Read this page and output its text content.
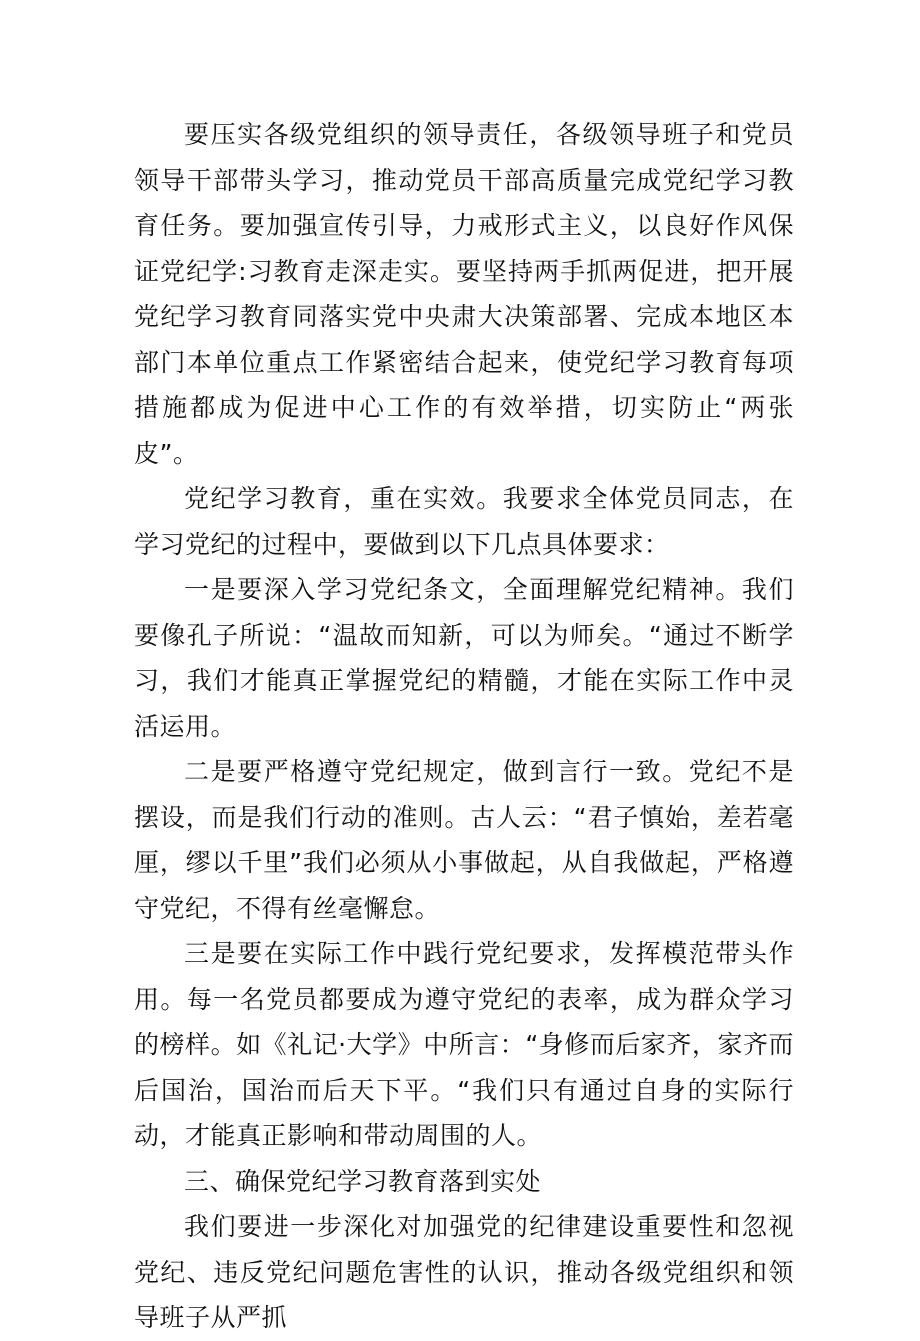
要压实各级党组织的领导责任，各级领导班子和党员领导干部带头学习，推动党员干部高质量完成党纪学习教育任务。要加强宣传引导，力戒形式主义，以良好作风保证党纪学:习教育走深走实。要坚持两手抓两促进，把开展党纪学习教育同落实党中央肃大决策部署、完成本地区本部门本单位重点工作紧密结合起来，使党纪学习教育每项措施都成为促进中心工作的有效举措，切实防止“两张皮”。

党纪学习教育，重在实效。我要求全体党员同志，在学习党纪的过程中，要做到以下几点具体要求：

一是要深入学习党纪条文，全面理解党纪精神。我们要像孔子所说：“温故而知新，可以为师矣。“通过不断学习，我们才能真正掌握党纪的精髓，才能在实际工作中灵活运用。

二是要严格遵守党纪规定，做到言行一致。党纪不是摆设，而是我们行动的准则。古人云：“君子慎始，差若毫厘，缪以千里”我们必须从小事做起，从自我做起，严格遵守党纪，不得有丝毫懈怠。

三是要在实际工作中践行党纪要求，发挥模范带头作用。每一名党员都要成为遵守党纪的表率，成为群众学习的榜样。如《礼记·大学》中所言：“身修而后家齐，家齐而后国治，国治而后天下平。“我们只有通过自身的实际行动，才能真正影响和带动周围的人。

三、确保党纪学习教育落到实处

我们要进一步深化对加强党的纪律建设重要性和忽视党纪、违反党纪问题危害性的认识，推动各级党组织和领导班子从严抓
